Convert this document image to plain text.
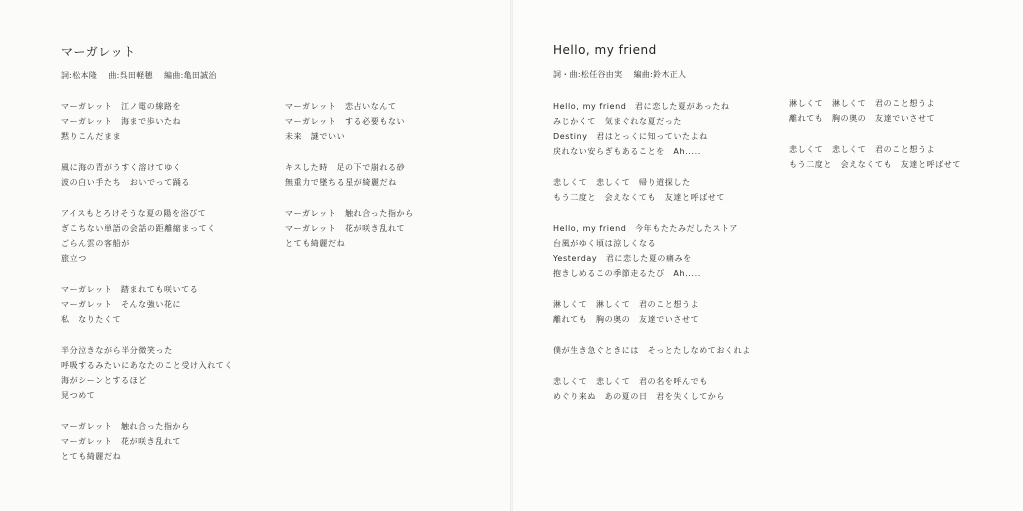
マーガレット
詞:松本隆　 曲:呉田軽穂　 編曲:亀田誠治
マーガレット　江ノ電の線路を
マーガレット　海まで歩いたね
黙りこんだまま
風に海の青がうすく溶けてゆく
波の白い手たち　おいでって踊る
アイスもとろけそうな夏の陽を浴びて
ぎこちない単語の会話の距離縮まってく
ごらん雲の客船が
旅立つ
マーガレット　踏まれても咲いてる
マーガレット　そんな強い花に
私　なりたくて
半分泣きながら半分微笑った
呼吸するみたいにあなたのこと受け入れてく
海がシーンとするほど
見つめて
マーガレット　触れ合った指から
マーガレット　花が咲き乱れて
とても綺麗だね
マーガレット　恋占いなんて
マーガレット　する必要もない
未来　謎でいい
キスした時　足の下で崩れる砂
無重力で墜ちる星が綺麗だね
マーガレット　触れ合った指から
マーガレット　花が咲き乱れて
とても綺麗だね
Hello, my friend
詞・曲:松任谷由実　 編曲:鈴木正人
Hello, my friend　君に恋した夏があったね
みじかくて　気まぐれな夏だった
Destiny　君はとっくに知っていたよね
戻れない安らぎもあることを　Ah.....
悲しくて　悲しくて　帰り道探した
もう二度と　会えなくても　友達と呼ばせて
Hello, my friend　今年もたたみだしたストア
台風がゆく頃は涼しくなる
Yesterday　君に恋した夏の痛みを
抱きしめるこの季節走るたび　Ah.....
淋しくて　淋しくて　君のこと想うよ
離れても　胸の奥の　友達でいさせて
僕が生き急ぐときには　そっとたしなめておくれよ
悲しくて　悲しくて　君の名を呼んでも
めぐり来ぬ　あの夏の日　君を失くしてから
淋しくて　淋しくて　君のこと想うよ
離れても　胸の奥の　友達でいさせて
悲しくて　悲しくて　君のこと想うよ
もう二度と　会えなくても　友達と呼ばせて
